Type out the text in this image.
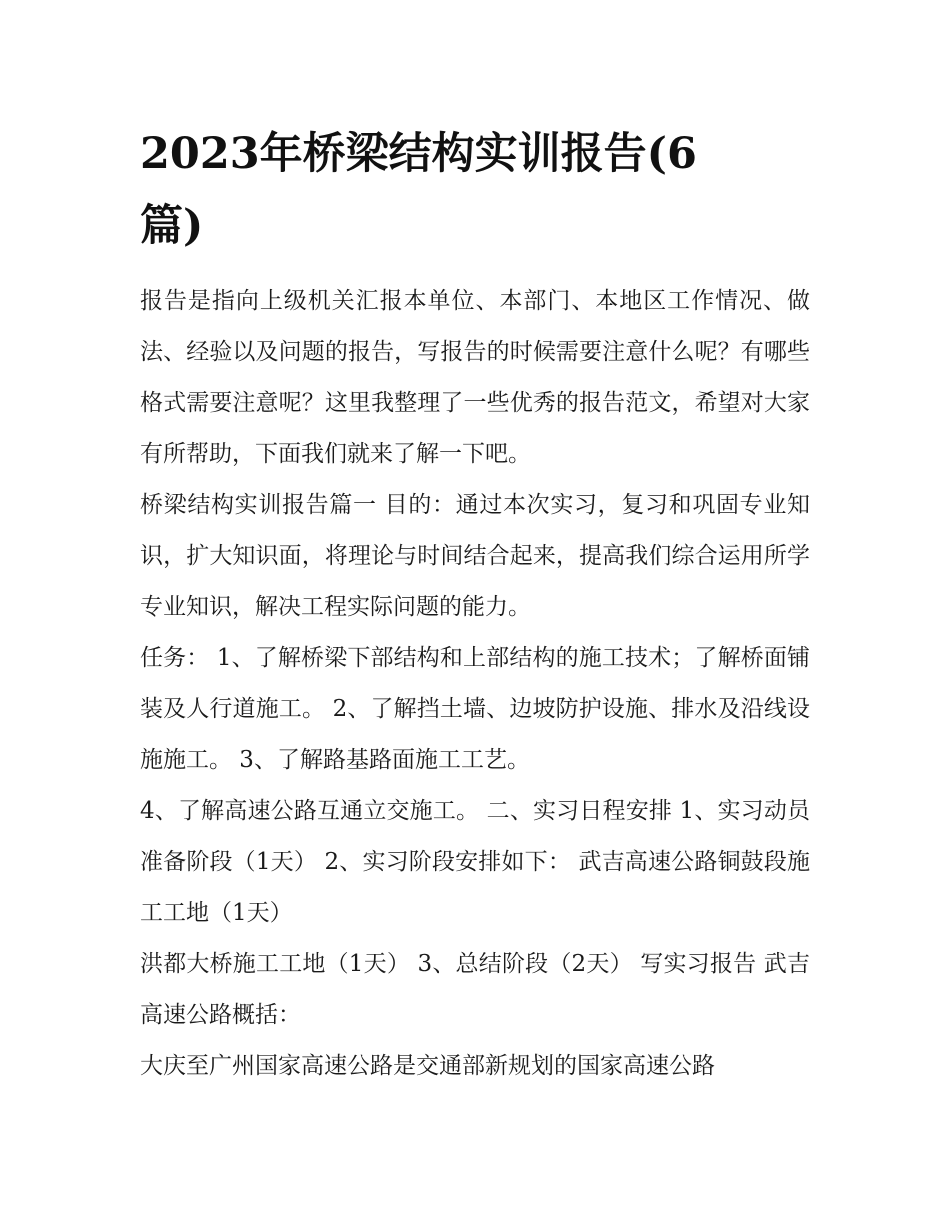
2023年桥梁结构实训报告(6
篇)

报告是指向上级机关汇报本单位、本部门、本地区工作情况、做法、经验以及问题的报告，写报告的时候需要注意什么呢？有哪些格式需要注意呢？这里我整理了一些优秀的报告范文，希望对大家有所帮助，下面我们就来了解一下吧。

桥梁结构实训报告篇一 目的：通过本次实习，复习和巩固专业知识，扩大知识面，将理论与时间结合起来，提高我们综合运用所学专业知识，解决工程实际问题的能力。

任务： 1、了解桥梁下部结构和上部结构的施工技术；了解桥面铺装及人行道施工。 2、了解挡土墙、边坡防护设施、排水及沿线设施施工。 3、了解路基路面施工工艺。

4、了解高速公路互通立交施工。 二、实习日程安排 1、实习动员准备阶段（1天） 2、实习阶段安排如下： 武吉高速公路铜鼓段施工工地（1天）

洪都大桥施工工地（1天） 3、总结阶段（2天） 写实习报告 武吉高速公路概括：

大庆至广州国家高速公路是交通部新规划的国家高速公路
